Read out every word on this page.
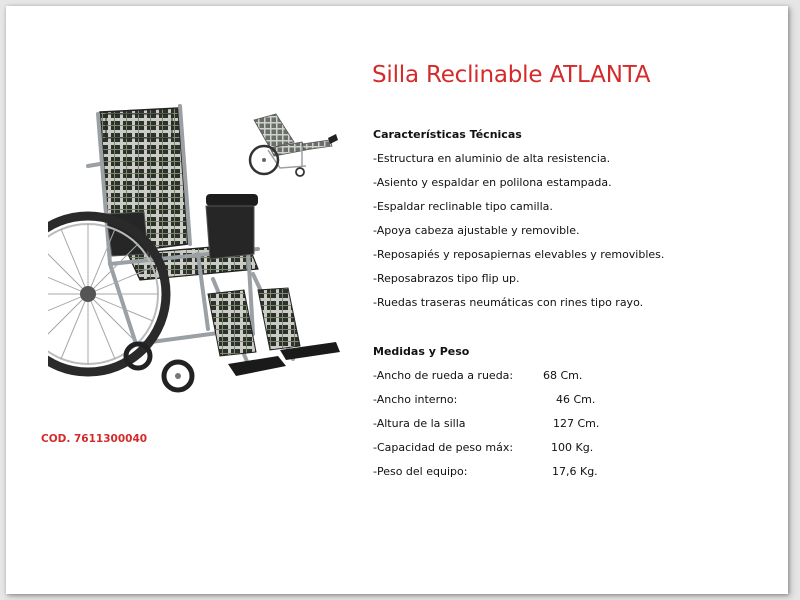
Silla Reclinable ATLANTA
Características Técnicas
-Estructura en aluminio de alta resistencia.
-Asiento y espaldar en polilona estampada.
-Espaldar reclinable tipo camilla.
-Apoya cabeza ajustable y removible.
-Reposapiés y reposapiernas elevables y removibles.
-Reposabrazos tipo flip up.
-Ruedas traseras neumáticas con rines tipo rayo.
Medidas y Peso
-Ancho de rueda a rueda:	68 Cm.
-Ancho interno:	46 Cm.
-Altura de la silla	127 Cm.
-Capacidad de peso máx:	100 Kg.
-Peso del equipo:	17,6 Kg.
COD. 7611300040
